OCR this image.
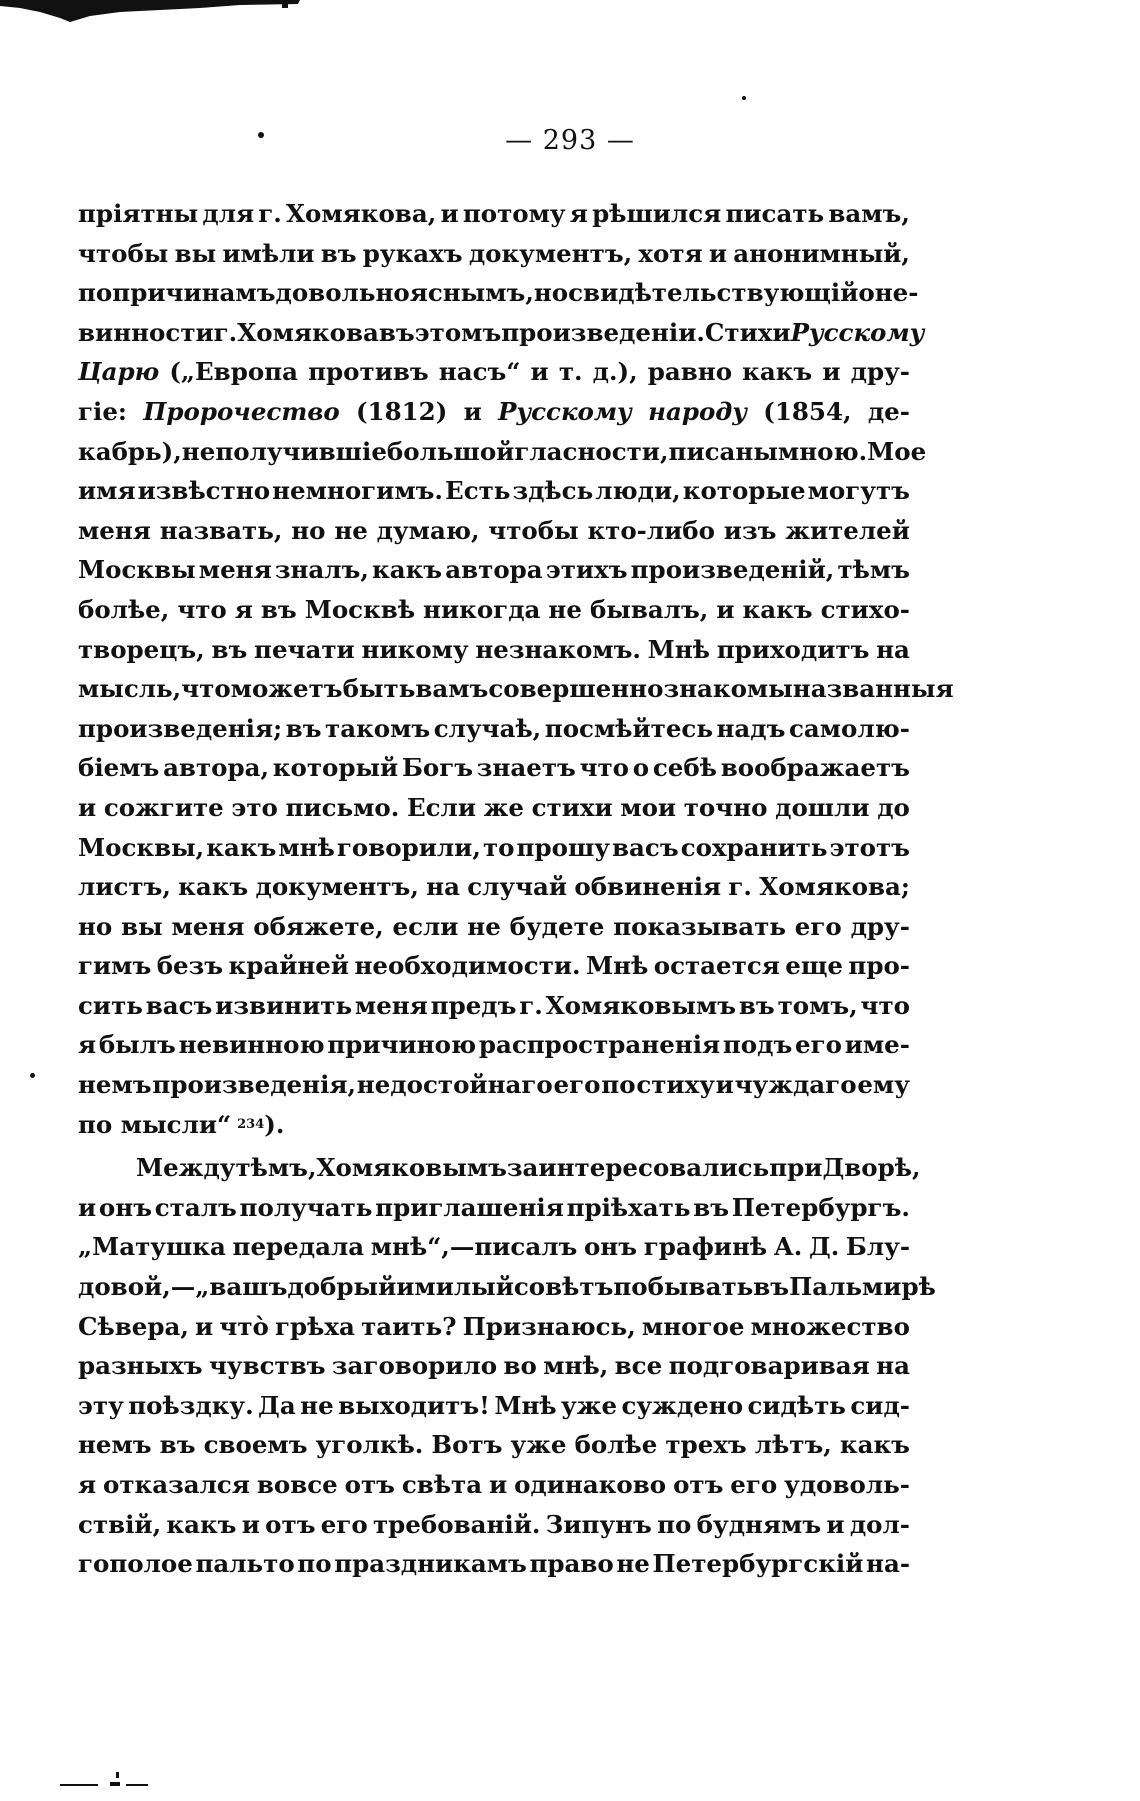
— 293 —
пріятны для г. Хомякова, и потому я рѣшился писать вамъ,
чтобы вы имѣли въ рукахъ документъ, хотя и анонимный,
по причинамъ довольно яснымъ, но свидѣтельствующій о не-
винности г. Хомякова въ этомъ произведеніи. Стихи Русскому
Царю („Европа противъ насъ“ и т. д.), равно какъ и дру-
гіе: Пророчество (1812) и Русскому народу (1854, де-
кабрь), не получившіе большой гласности, писаны мною. Мое
имя извѣстно немногимъ. Есть здѣсь люди, которые могутъ
меня назвать, но не думаю, чтобы кто-либо изъ жителей
Москвы меня зналъ, какъ автора этихъ произведеній, тѣмъ
болѣе, что я въ Москвѣ никогда не бывалъ, и какъ стихо-
творецъ, въ печати никому незнакомъ. Мнѣ приходитъ на
мысль, что можетъ быть вамъ совершенно знакомы названныя
произведенія; въ такомъ случаѣ, посмѣйтесь надъ самолю-
біемъ автора, который Богъ знаетъ что о себѣ воображаетъ
и сожгите это письмо. Если же стихи мои точно дошли до
Москвы, какъ мнѣ говорили, то прошу васъ сохранить этотъ
листъ, какъ документъ, на случай обвиненія г. Хомякова;
но вы меня обяжете, если не будете показывать его дру-
гимъ безъ крайней необходимости. Мнѣ остается еще про-
сить васъ извинить меня предъ г. Хомяковымъ въ томъ, что
я былъ невинною причиною распространенія подъ его име-
немъ произведенія, недостойнаго его по стиху и чуждаго ему
по мысли“ 234 ).
Между тѣмъ, Хомяковымъ заинтересовались при Дворѣ,
и онъ сталъ получать приглашенія пріѣхать въ Петербургъ.
„Матушка передала мнѣ“,—писалъ онъ графинѣ А. Д. Блу-
довой,— „вашъ добрый и милый совѣтъ побывать въ Пальмирѣ
Сѣвера, и чтò грѣха таить? Признаюсь, многое множество
разныхъ чувствъ заговорило во мнѣ, все подговаривая на
эту поѣздку. Да не выходитъ! Мнѣ уже суждено сидѣть сид-
немъ въ своемъ уголкѣ. Вотъ уже болѣе трехъ лѣтъ, какъ
я отказался вовсе отъ свѣта и одинаково отъ его удоволь-
ствій, какъ и отъ его требованій. Зипунъ по буднямъ и дол-
гополое пальто по праздникамъ право не Петербургскій на-
